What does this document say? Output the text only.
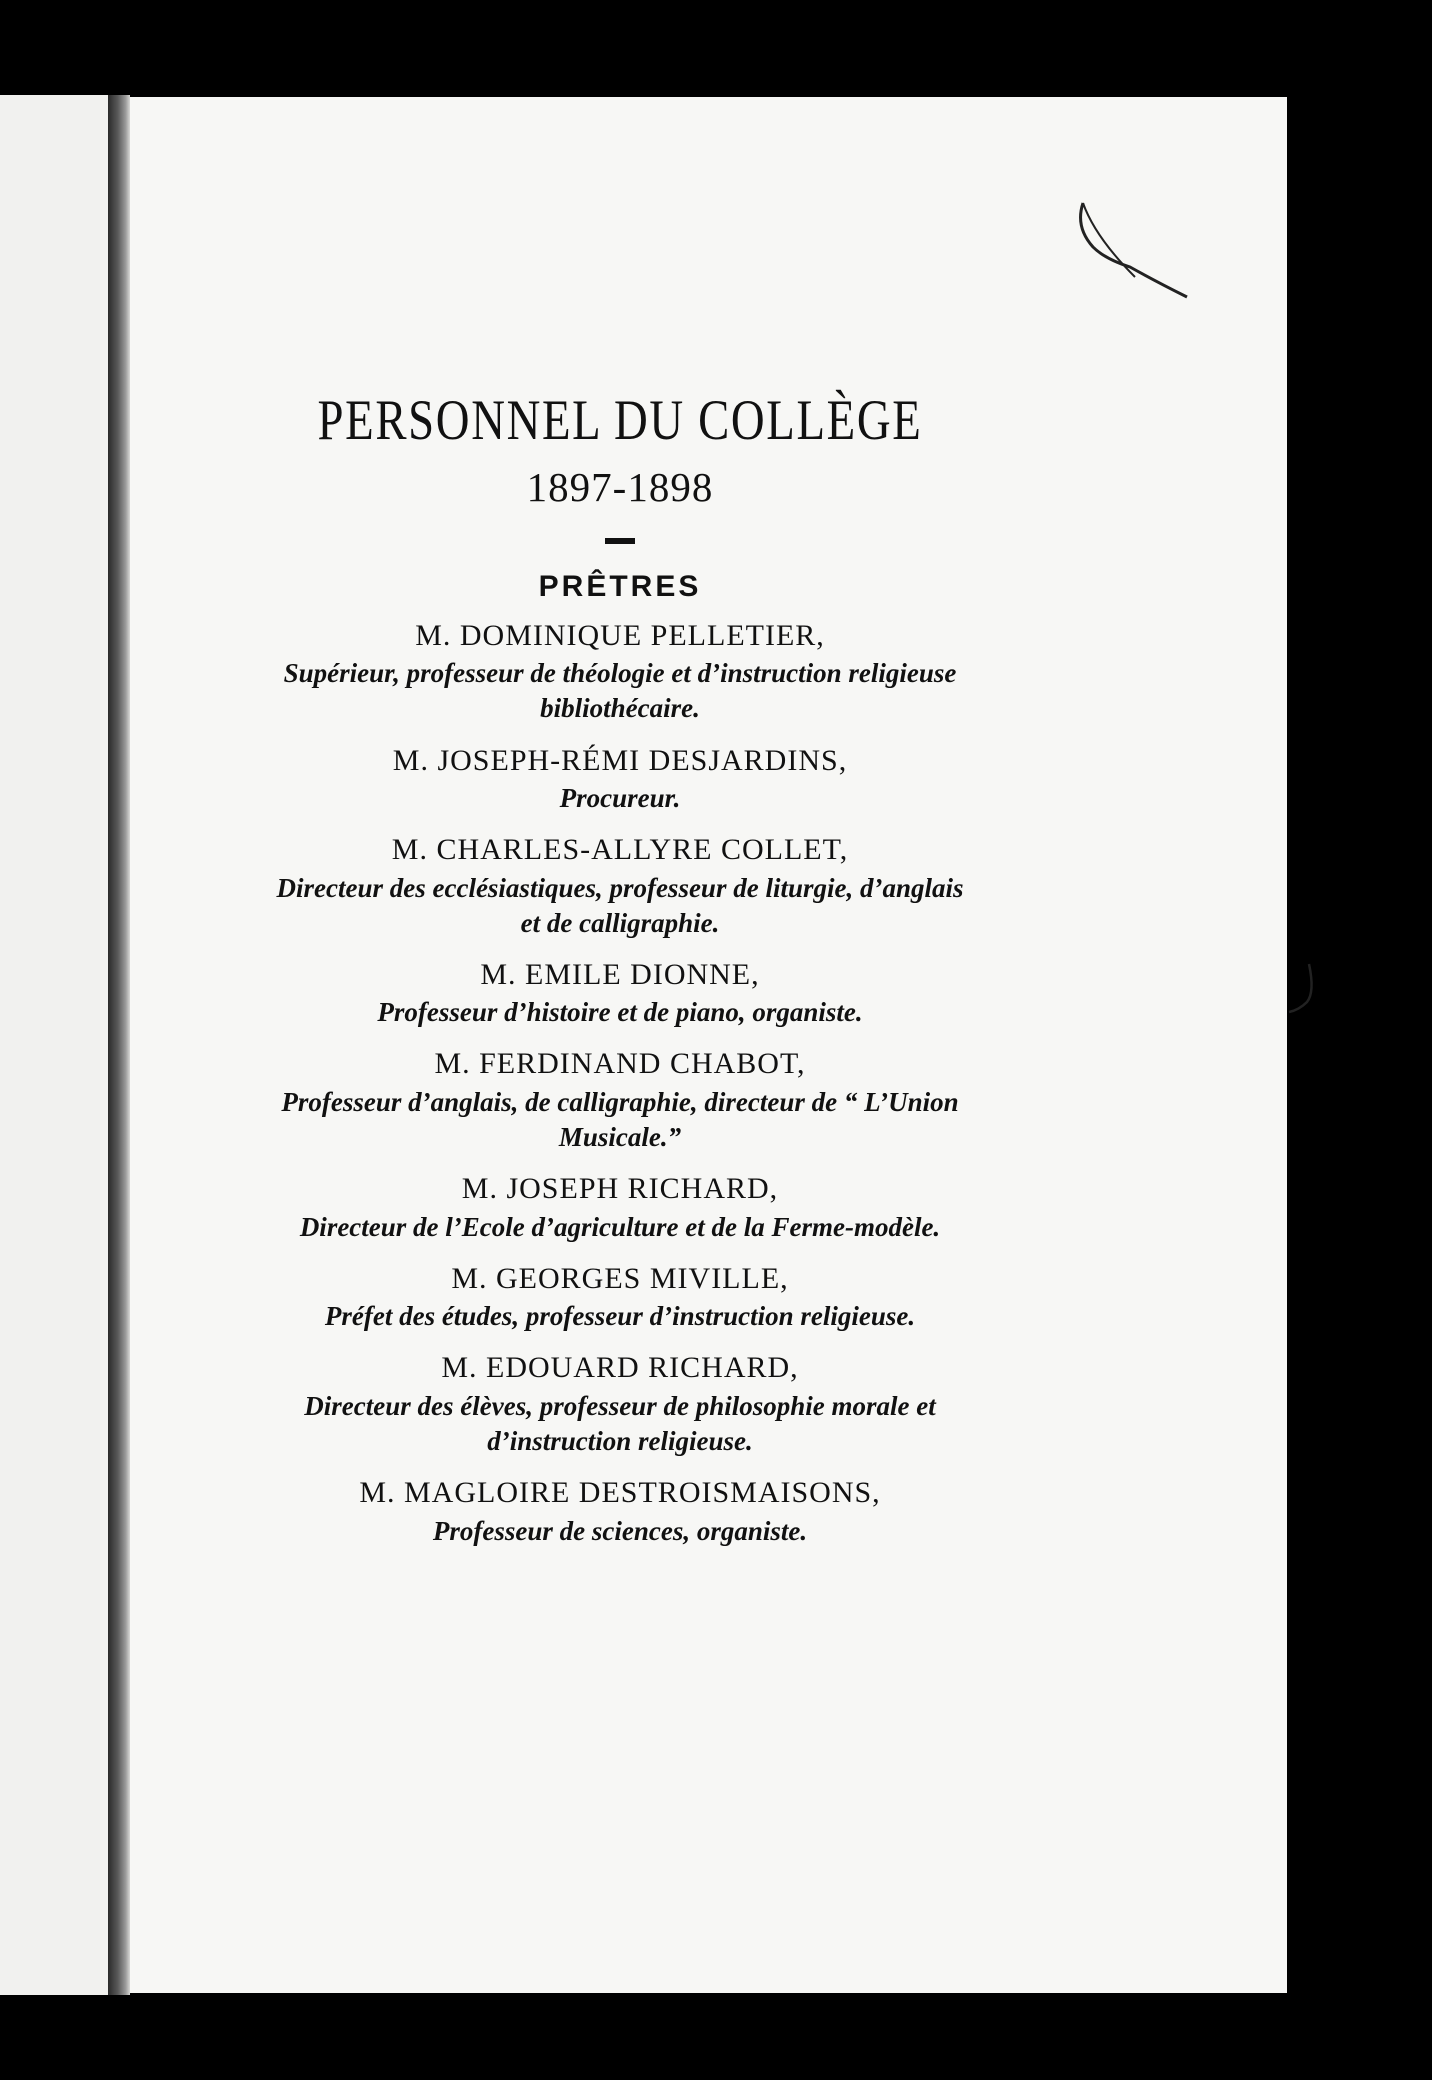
PERSONNEL DU COLLÈGE
1897-1898
PRÊTRES
M. DOMINIQUE PELLETIER,
Supérieur, professeur de théologie et d’instruction religieuse
bibliothécaire.
M. JOSEPH-RÉMI DESJARDINS,
Procureur.
M. CHARLES-ALLYRE COLLET,
Directeur des ecclésiastiques, professeur de liturgie, d’anglais
et de calligraphie.
M. EMILE DIONNE,
Professeur d’histoire et de piano, organiste.
M. FERDINAND CHABOT,
Professeur d’anglais, de calligraphie, directeur de “ L’Union
Musicale.”
M. JOSEPH RICHARD,
Directeur de l’Ecole d’agriculture et de la Ferme-modèle.
M. GEORGES MIVILLE,
Préfet des études, professeur d’instruction religieuse.
M. EDOUARD RICHARD,
Directeur des élèves, professeur de philosophie morale et
d’instruction religieuse.
M. MAGLOIRE DESTROISMAISONS,
Professeur de sciences, organiste.
